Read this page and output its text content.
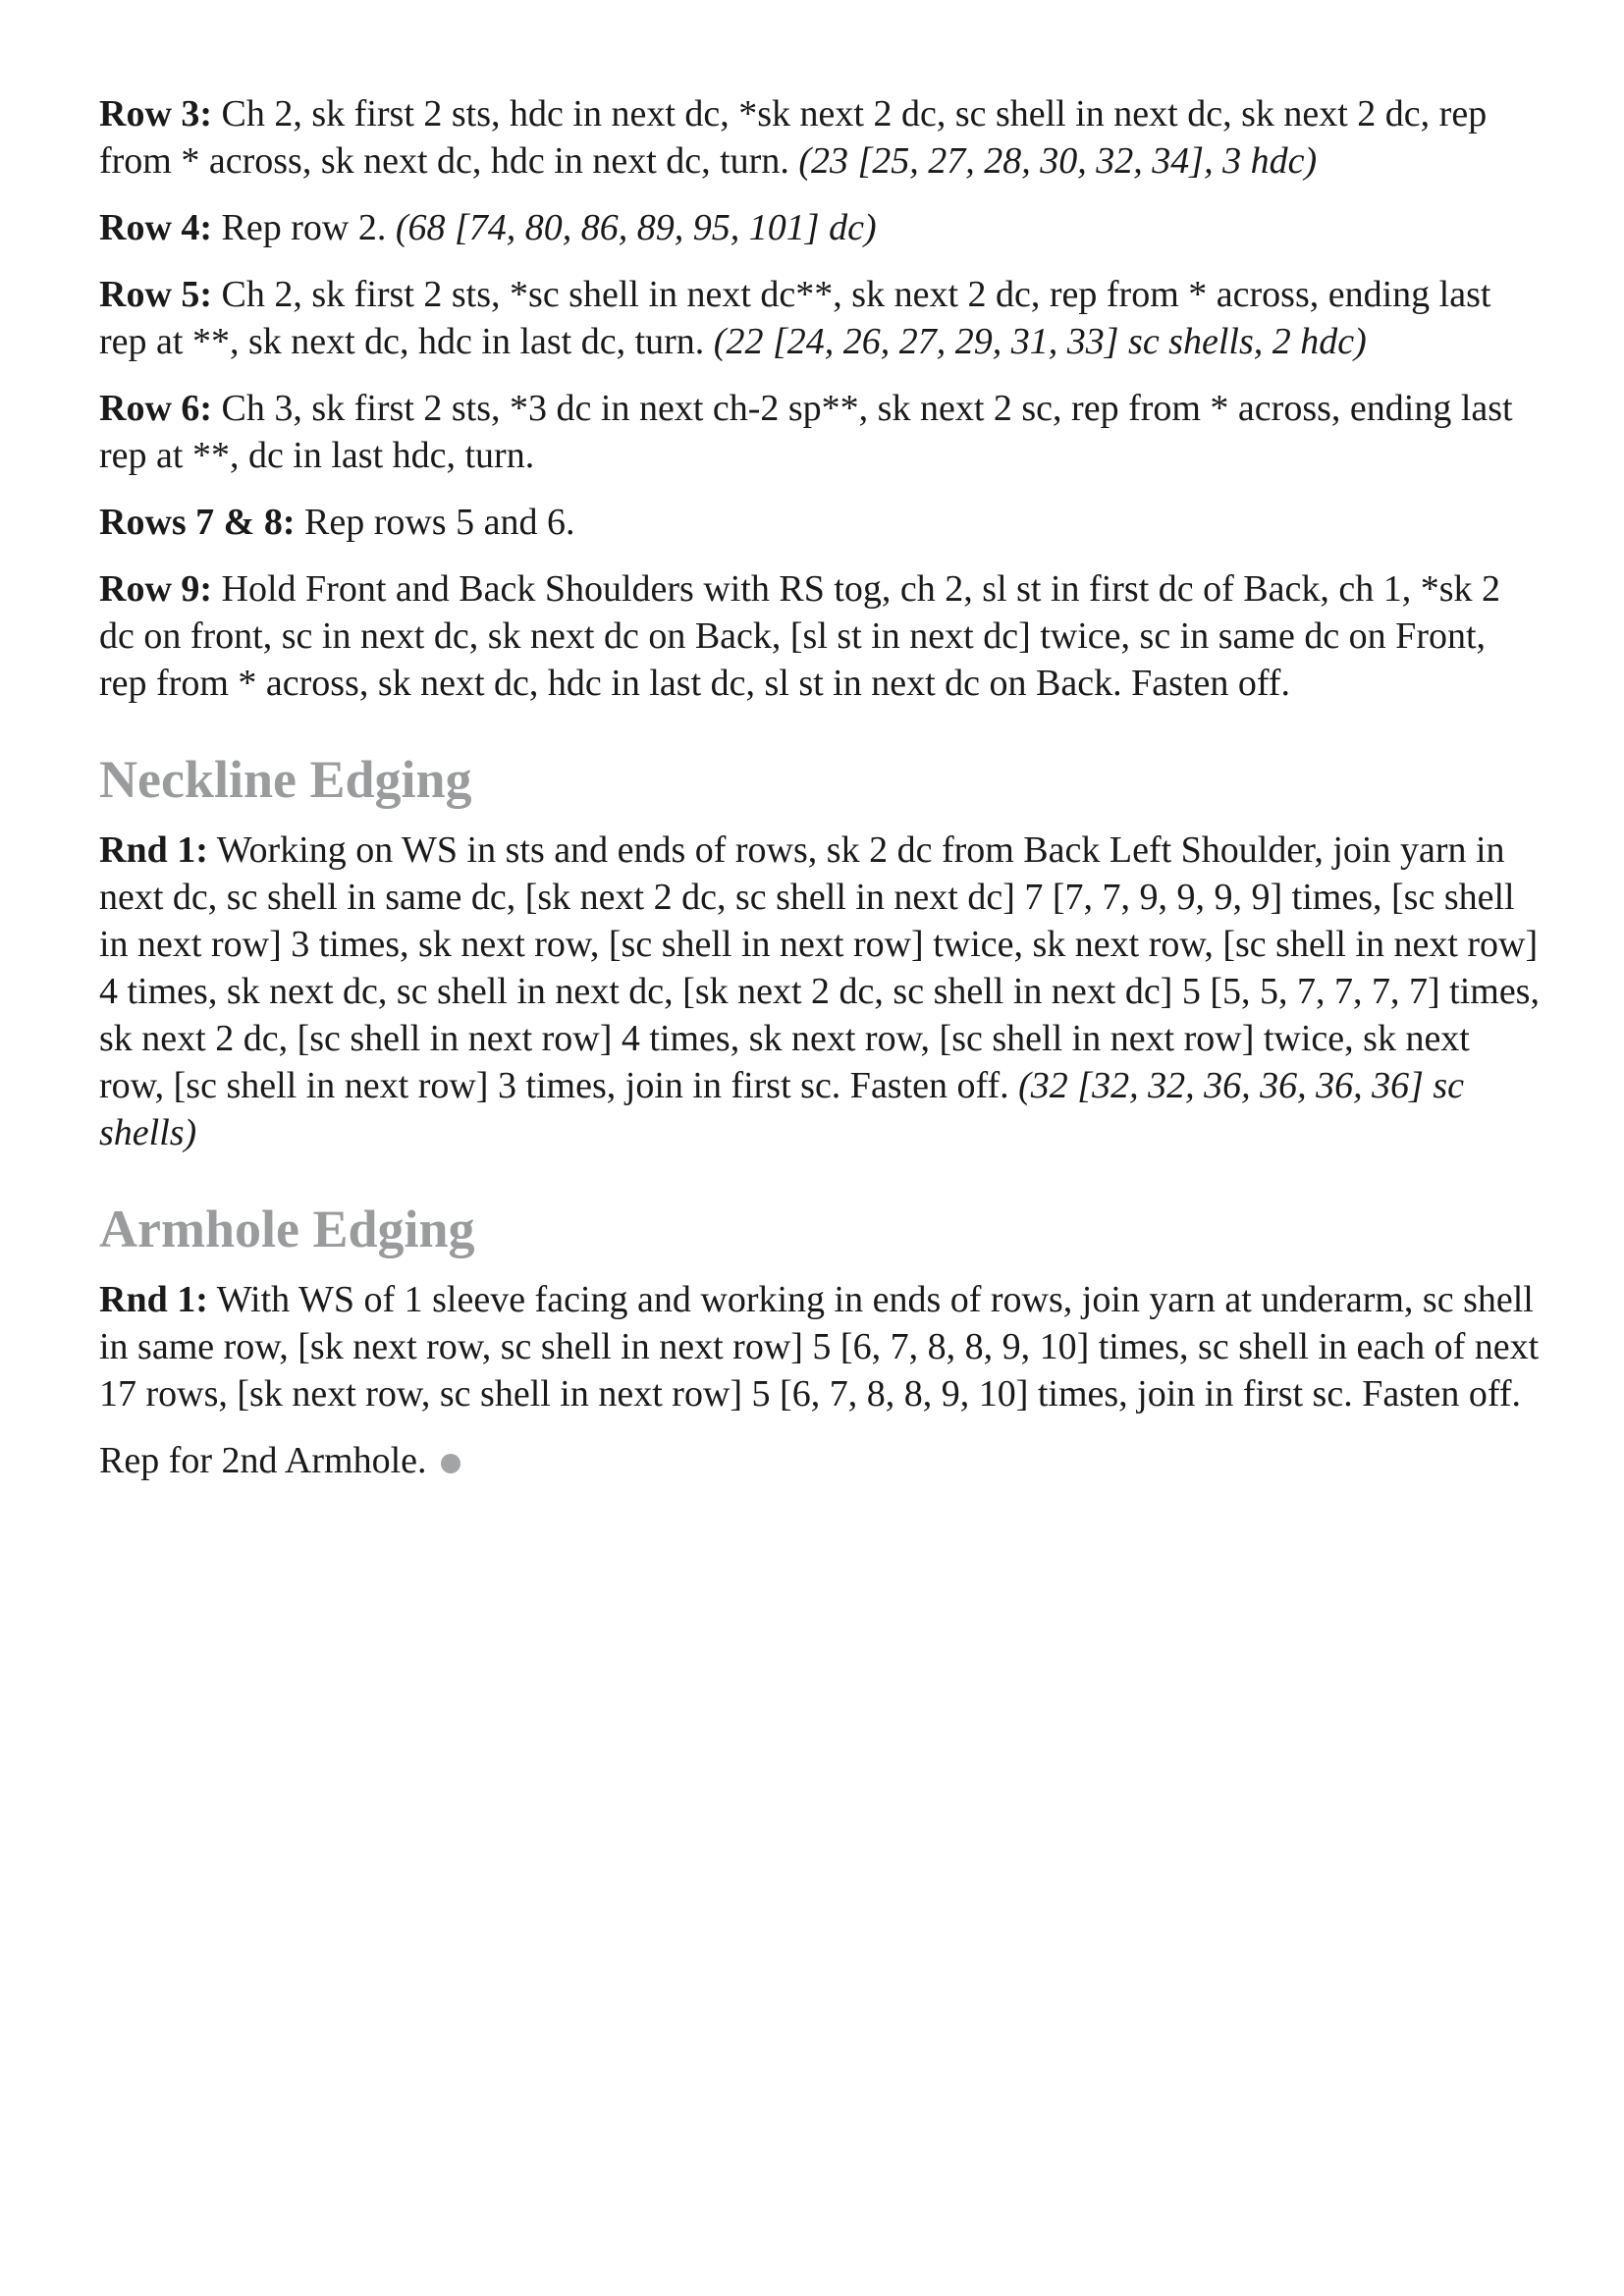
Row 3: Ch 2, sk first 2 sts, hdc in next dc, *sk next 2 dc, sc shell in next dc, sk next 2 dc, rep from * across, sk next dc, hdc in next dc, turn. (23 [25, 27, 28, 30, 32, 34], 3 hdc)

Row 4: Rep row 2. (68 [74, 80, 86, 89, 95, 101] dc)

Row 5: Ch 2, sk first 2 sts, *sc shell in next dc**, sk next 2 dc, rep from * across, ending last rep at **, sk next dc, hdc in last dc, turn. (22 [24, 26, 27, 29, 31, 33] sc shells, 2 hdc)

Row 6: Ch 3, sk first 2 sts, *3 dc in next ch-2 sp**, sk next 2 sc, rep from * across, ending last rep at **, dc in last hdc, turn.

Rows 7 & 8: Rep rows 5 and 6.

Row 9: Hold Front and Back Shoulders with RS tog, ch 2, sl st in first dc of Back, ch 1, *sk 2 dc on front, sc in next dc, sk next dc on Back, [sl st in next dc] twice, sc in same dc on Front, rep from * across, sk next dc, hdc in last dc, sl st in next dc on Back. Fasten off.

Neckline Edging

Rnd 1: Working on WS in sts and ends of rows, sk 2 dc from Back Left Shoulder, join yarn in next dc, sc shell in same dc, [sk next 2 dc, sc shell in next dc] 7 [7, 7, 9, 9, 9, 9] times, [sc shell in next row] 3 times, sk next row, [sc shell in next row] twice, sk next row, [sc shell in next row] 4 times, sk next dc, sc shell in next dc, [sk next 2 dc, sc shell in next dc] 5 [5, 5, 7, 7, 7, 7] times, sk next 2 dc, [sc shell in next row] 4 times, sk next row, [sc shell in next row] twice, sk next row, [sc shell in next row] 3 times, join in first sc. Fasten off. (32 [32, 32, 36, 36, 36, 36] sc shells)

Armhole Edging

Rnd 1: With WS of 1 sleeve facing and working in ends of rows, join yarn at underarm, sc shell in same row, [sk next row, sc shell in next row] 5 [6, 7, 8, 8, 9, 10] times, sc shell in each of next 17 rows, [sk next row, sc shell in next row] 5 [6, 7, 8, 8, 9, 10] times, join in first sc. Fasten off.

Rep for 2nd Armhole.
